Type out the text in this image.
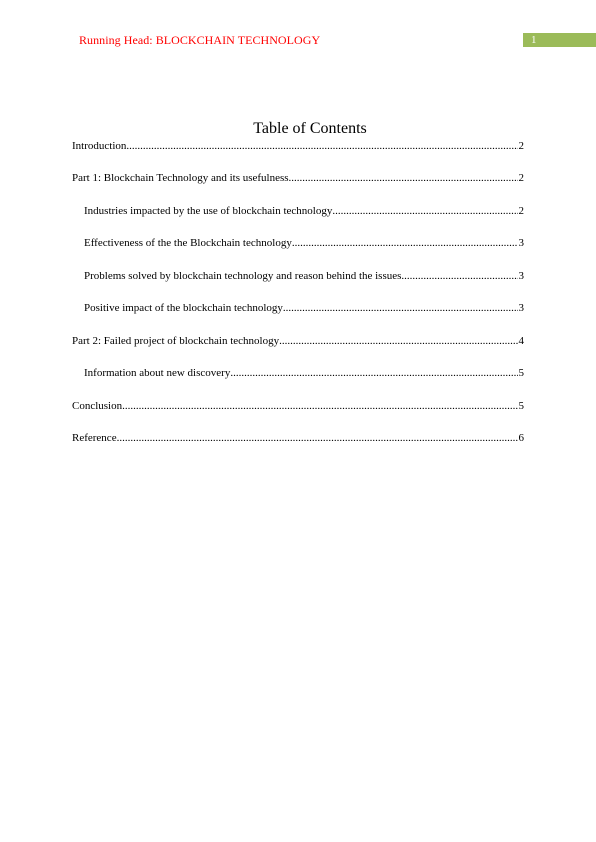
Running Head: BLOCKCHAIN TECHNOLOGY	1
Table of Contents
Introduction .....	2
Part 1: Blockchain Technology and its usefulness .....	2
Industries impacted by the use of blockchain technology .....	2
Effectiveness of the the Blockchain technology .....	3
Problems solved by blockchain technology and reason behind the issues .....	3
Positive impact of the blockchain technology .....	3
Part 2: Failed project of blockchain technology .....	4
Information about new discovery .....	5
Conclusion .....	5
Reference .....	6
